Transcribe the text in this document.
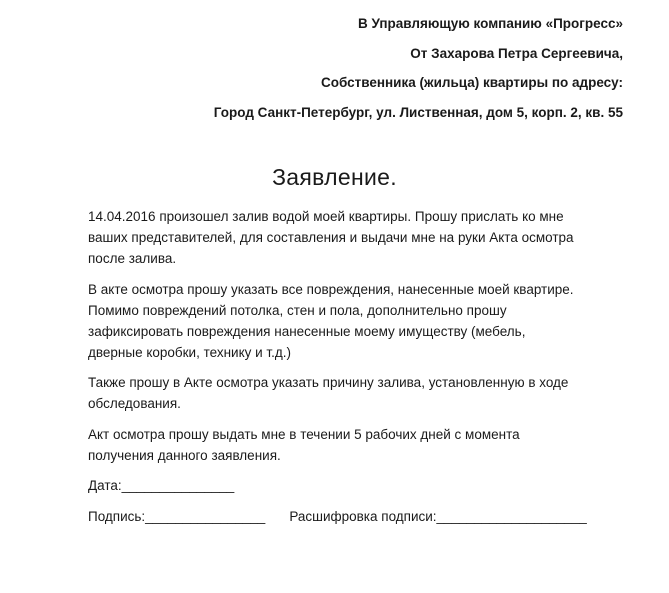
В Управляющую компанию «Прогресс»
От Захарова Петра Сергеевича,
Собственника (жильца) квартиры по адресу:
Город Санкт-Петербург, ул. Лиственная, дом 5, корп. 2, кв. 55
Заявление.

14.04.2016 произошел залив водой моей квартиры. Прошу прислать ко мне
ваших представителей, для составления и выдачи мне на руки Акта осмотра
после залива.

В акте осмотра прошу указать все повреждения, нанесенные моей квартире.
Помимо повреждений потолка, стен и пола, дополнительно прошу
зафиксировать повреждения нанесенные моему имуществу (мебель,
дверные коробки, технику и т.д.)

Также прошу в Акте осмотра указать причину залива, установленную в ходе
обследования.

Акт осмотра прошу выдать мне в течении 5 рабочих дней с момента
получения данного заявления.

Дата:_______________
Подпись:________________ Расшифровка подписи:____________________
